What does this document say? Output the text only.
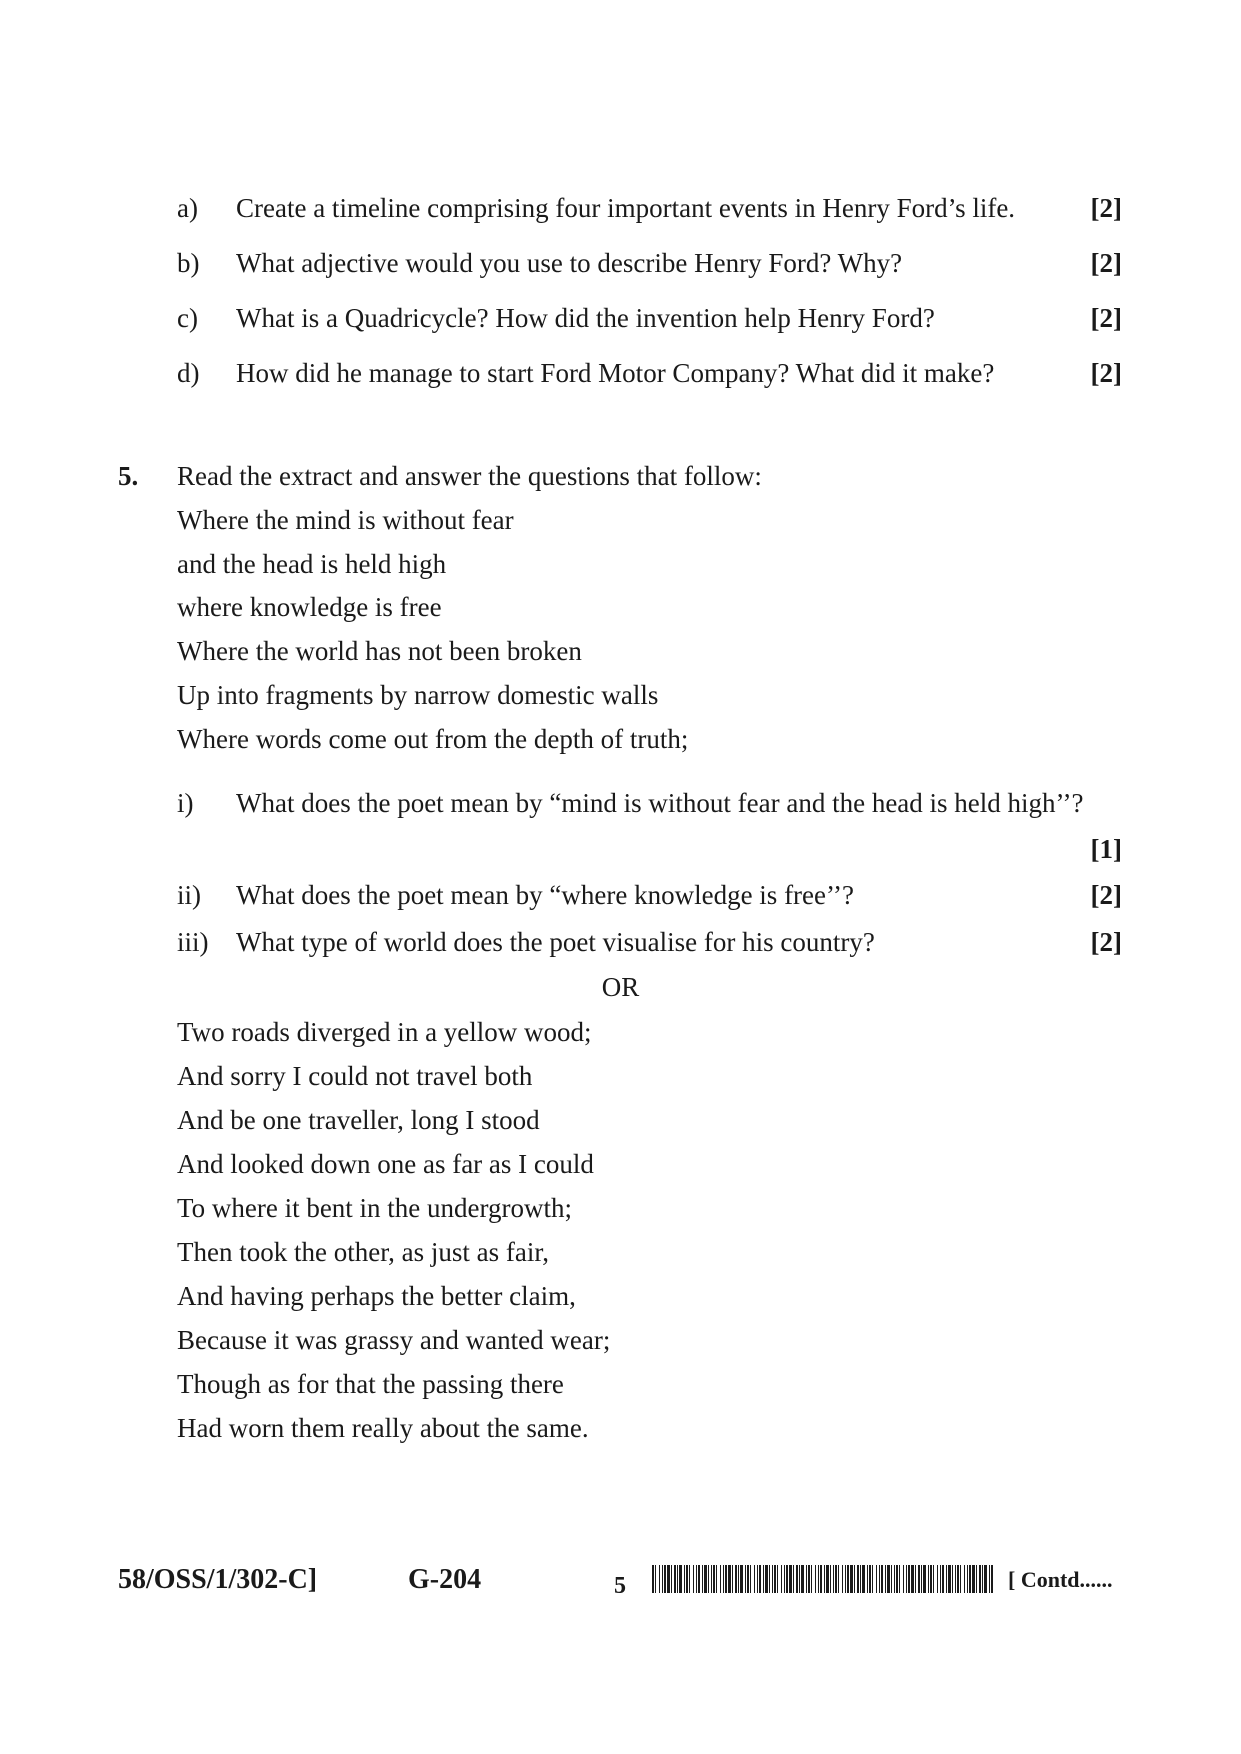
a) Create a timeline comprising four important events in Henry Ford’s life.	[2]
b) What adjective would you use to describe Henry Ford? Why?	[2]
c) What is a Quadricycle? How did the invention help Henry Ford?	[2]
d) How did he manage to start Ford Motor Company? What did it make?	[2]
5. Read the extract and answer the questions that follow:
Where the mind is without fear
and the head is held high
where knowledge is free
Where the world has not been broken
Up into fragments by narrow domestic walls
Where words come out from the depth of truth;
i) What does the poet mean by “mind is without fear and the head is held high’’?
[1]
ii) What does the poet mean by “where knowledge is free’’?	[2]
iii) What type of world does the poet visualise for his country?	[2]
OR
Two roads diverged in a yellow wood;
And sorry I could not travel both
And be one traveller, long I stood
And looked down one as far as I could
To where it bent in the undergrowth;
Then took the other, as just as fair,
And having perhaps the better claim,
Because it was grassy and wanted wear;
Though as for that the passing there
Had worn them really about the same.
58/OSS/1/302-C]	G-204	5	[ Contd......
